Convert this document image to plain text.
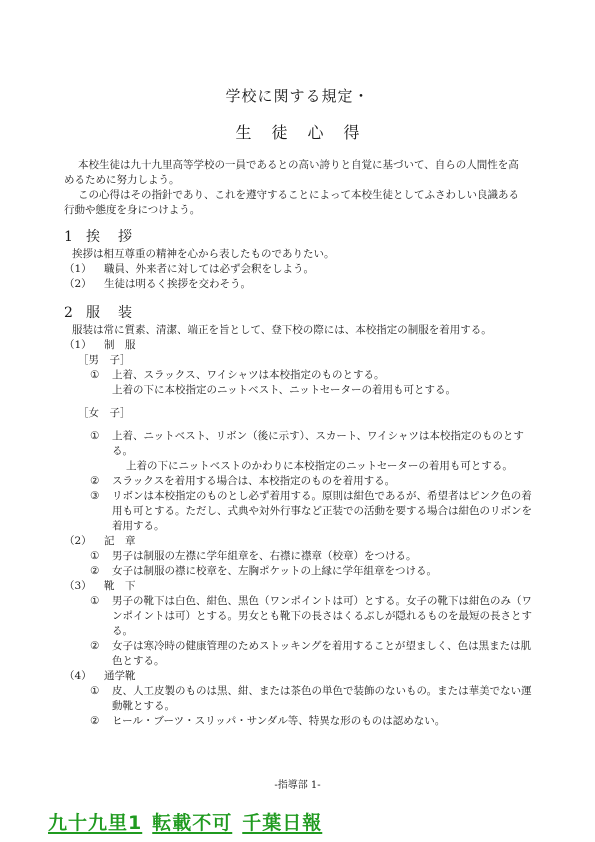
学校に関する規定・
生徒心得

本校生徒は九十九里高等学校の一員であるとの高い誇りと自覚に基づいて、自らの人間性を高めるために努力しよう。

この心得はその指針であり、これを遵守することによって本校生徒としてふさわしい良識ある行動や態度を身につけよう。

1 挨拶
挨拶は相互尊重の精神を心から表したものでありたい。
（1）	職員、外来者に対しては必ず会釈をしよう。
（2）	生徒は明るく挨拶を交わそう。
2 服装
服装は常に質素、清潔、端正を旨として、登下校の際には、本校指定の制服を着用する。
（1）	制　服
［男　子］
①	上着、スラックス、ワイシャツは本校指定のものとする。
上着の下に本校指定のニットベスト、ニットセーターの着用も可とする。
［女　子］
①	上着、ニットベスト、リボン（後に示す）、スカート、ワイシャツは本校指定のものとする。
上着の下にニットベストのかわりに本校指定のニットセーターの着用も可とする。
②	スラックスを着用する場合は、本校指定のものを着用する。
③	リボンは本校指定のものとし必ず着用する。原則は紺色であるが、希望者はピンク色の着用も可とする。ただし、式典や対外行事など正装での活動を要する場合は紺色のリボンを着用する。
（2）	記　章
①	男子は制服の左襟に学年組章を、右襟に襟章（校章）をつける。
②	女子は制服の襟に校章を、左胸ポケットの上縁に学年組章をつける。
（3）	靴　下
①	男子の靴下は白色、紺色、黒色（ワンポイントは可）とする。女子の靴下は紺色のみ（ワンポイントは可）とする。男女とも靴下の長さはくるぶしが隠れるものを最短の長さとする。
②	女子は寒冷時の健康管理のためストッキングを着用することが望ましく、色は黒または肌色とする。
（4）	通学靴
①	皮、人工皮製のものは黒、紺、または茶色の単色で装飾のないもの。または華美でない運動靴とする。
②	ヒール・ブーツ・スリッパ・サンダル等、特異な形のものは認めない。
-指導部 1-
九十九里1 転載不可 千葉日報
